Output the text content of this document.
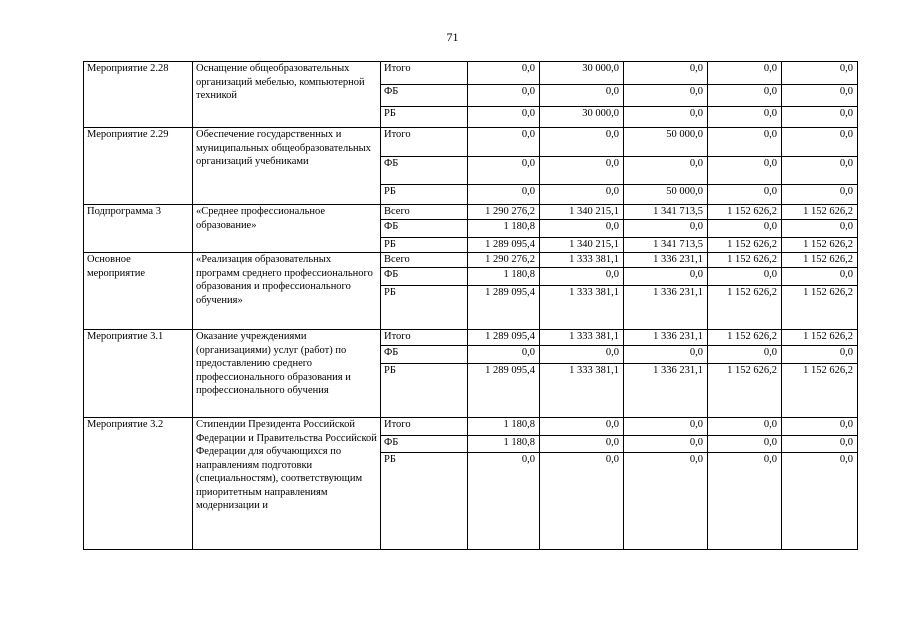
71
Мероприятие 2.28	Оснащение общеобразовательных организаций мебелью, компьютерной техникой	Итого	0,0	30 000,0	0,0	0,0	0,0
		ФБ	0,0	0,0	0,0	0,0	0,0
		РБ	0,0	30 000,0	0,0	0,0	0,0
Мероприятие 2.29	Обеспечение государственных и муниципальных общеобразовательных организаций учебниками	Итого	0,0	0,0	50 000,0	0,0	0,0
		ФБ	0,0	0,0	0,0	0,0	0,0
		РБ	0,0	0,0	50 000,0	0,0	0,0
Подпрограмма 3	«Среднее профессиональное образование»	Всего	1 290 276,2	1 340 215,1	1 341 713,5	1 152 626,2	1 152 626,2
		ФБ	1 180,8	0,0	0,0	0,0	0,0
		РБ	1 289 095,4	1 340 215,1	1 341 713,5	1 152 626,2	1 152 626,2
Основное мероприятие	«Реализация образовательных программ среднего профессионального образования и профессионального обучения»	Всего	1 290 276,2	1 333 381,1	1 336 231,1	1 152 626,2	1 152 626,2
		ФБ	1 180,8	0,0	0,0	0,0	0,0
		РБ	1 289 095,4	1 333 381,1	1 336 231,1	1 152 626,2	1 152 626,2
Мероприятие 3.1	Оказание учреждениями (организациями) услуг (работ) по предоставлению среднего профессионального образования и профессионального обучения	Итого	1 289 095,4	1 333 381,1	1 336 231,1	1 152 626,2	1 152 626,2
		ФБ	0,0	0,0	0,0	0,0	0,0
		РБ	1 289 095,4	1 333 381,1	1 336 231,1	1 152 626,2	1 152 626,2
Мероприятие 3.2	Стипендии Президента Российской Федерации и Правительства Российской Федерации для обучающихся по направлениям подготовки (специальностям), соответствующим приоритетным направлениям модернизации и	Итого	1 180,8	0,0	0,0	0,0	0,0
		ФБ	1 180,8	0,0	0,0	0,0	0,0
		РБ	0,0	0,0	0,0	0,0	0,0
